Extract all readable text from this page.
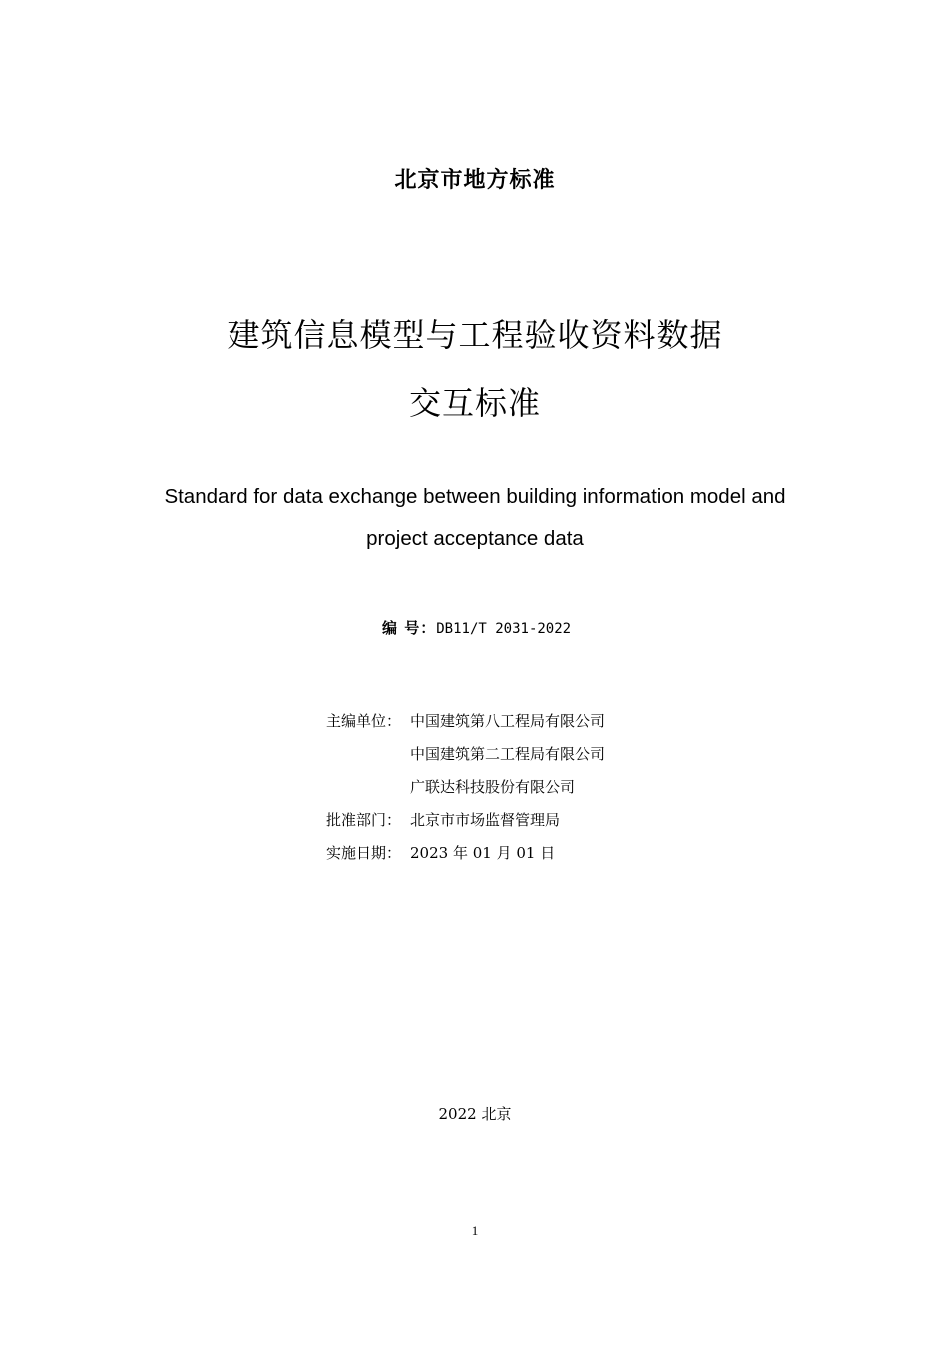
北京市地方标准
建筑信息模型与工程验收资料数据
交互标准
Standard for data exchange between building information model and
project acceptance data
编 号：DB11/T 2031-2022
主编单位： 中国建筑第八工程局有限公司
中国建筑第二工程局有限公司
广联达科技股份有限公司
批准部门： 北京市市场监督管理局
实施日期： 2023 年 01 月 01 日
2022 北京
1
